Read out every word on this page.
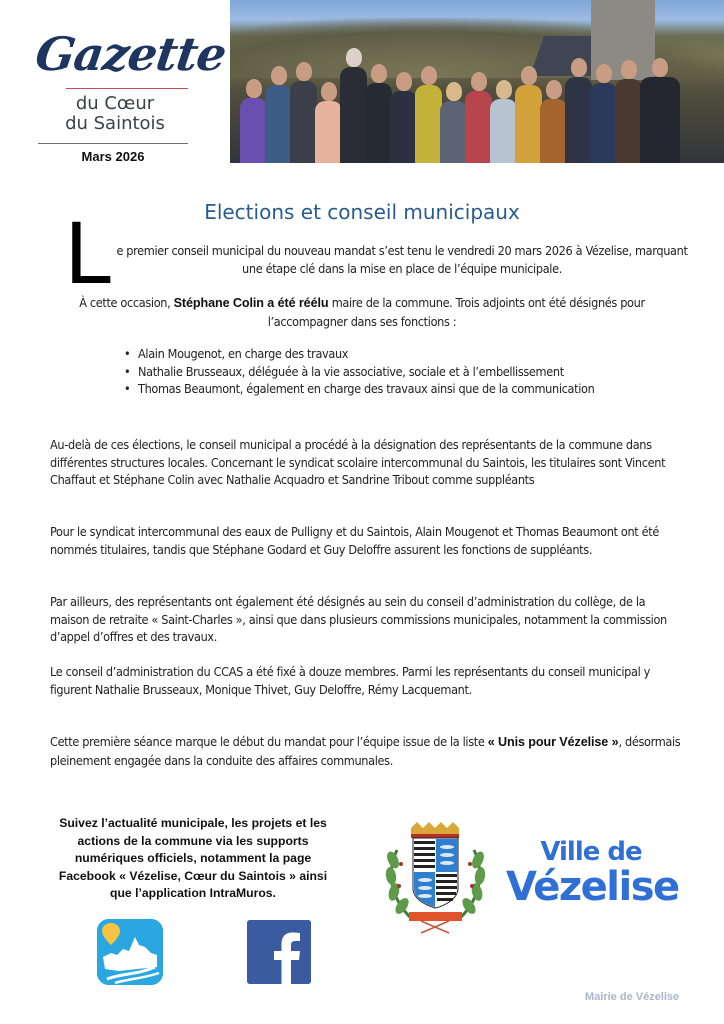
Gazette
du Cœur
du Saintois
Mars 2026
Elections et conseil municipaux
L e premier conseil municipal du nouveau mandat s’est tenu le vendredi 20 mars 2026 à Vézelise, marquant une étape clé dans la mise en place de l’équipe municipale.

À cette occasion, Stéphane Colin a été réélu maire de la commune. Trois adjoints ont été désignés pour l’accompagner dans ses fonctions :

• Alain Mougenot, en charge des travaux
• Nathalie Brusseaux, déléguée à la vie associative, sociale et à l’embellissement
• Thomas Beaumont, également en charge des travaux ainsi que de la communication

Au-delà de ces élections, le conseil municipal a procédé à la désignation des représentants de la commune dans différentes structures locales. Concernant le syndicat scolaire intercommunal du Saintois, les titulaires sont Vincent Chaffaut et Stéphane Colin avec Nathalie Acquadro et Sandrine Tribout comme suppléants

Pour le syndicat intercommunal des eaux de Pulligny et du Saintois, Alain Mougenot et Thomas Beaumont ont été nommés titulaires, tandis que Stéphane Godard et Guy Deloffre assurent les fonctions de suppléants.

Par ailleurs, des représentants ont également été désignés au sein du conseil d’administration du collège, de la maison de retraite « Saint-Charles », ainsi que dans plusieurs commissions municipales, notamment la commission d’appel d’offres et des travaux.

Le conseil d’administration du CCAS a été fixé à douze membres. Parmi les représentants du conseil municipal y figurent Nathalie Brusseaux, Monique Thivet, Guy Deloffre, Rémy Lacquemant.

Cette première séance marque le début du mandat pour l’équipe issue de la liste « Unis pour Vézelise », désormais pleinement engagée dans la conduite des affaires communales.

Suivez l’actualité municipale, les projets et les actions de la commune via les supports numériques officiels, notamment la page Facebook « Vézelise, Cœur du Saintois » ainsi que l’application IntraMuros.

Ville de
Vézelise
Mairie de Vézelise
